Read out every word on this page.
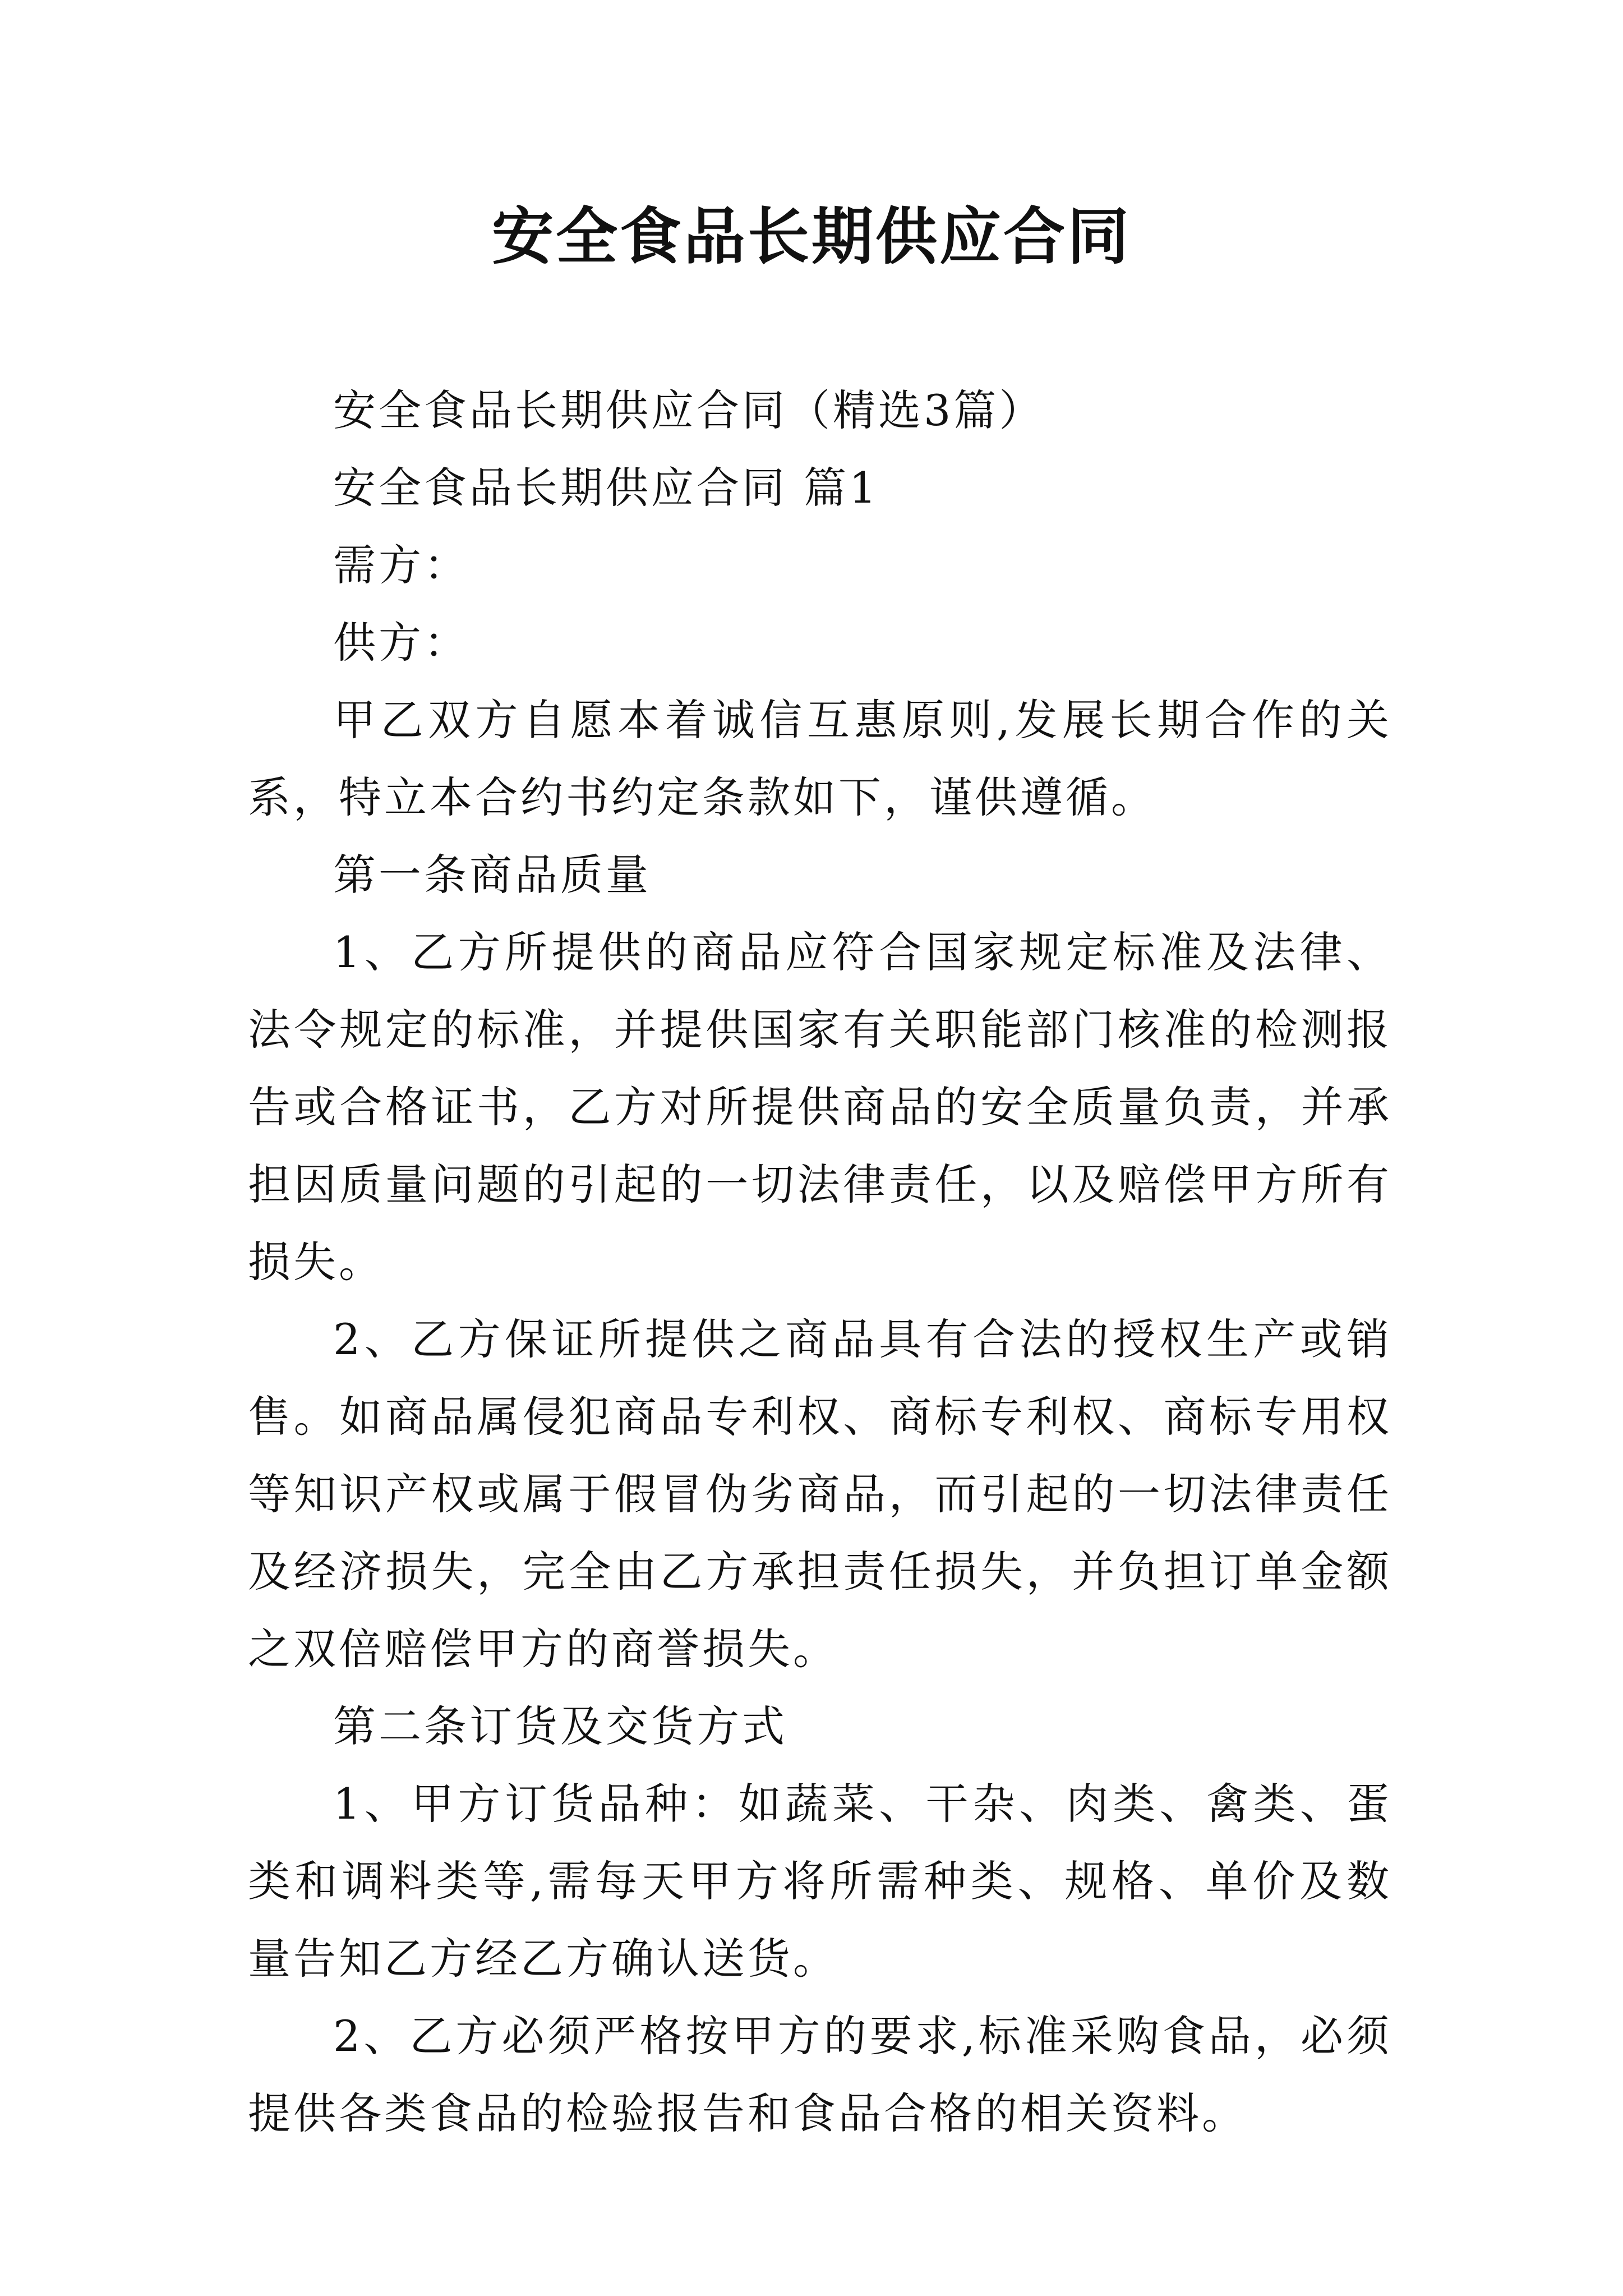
安全食品长期供应合同

安全食品长期供应合同（精选3篇）

安全食品长期供应合同 篇1

需方：

供方：

甲乙双方自愿本着诚信互惠原则,发展长期合作的关系，特立本合约书约定条款如下，谨供遵循。

第一条商品质量

1、乙方所提供的商品应符合国家规定标准及法律、法令规定的标准，并提供国家有关职能部门核准的检测报告或合格证书，乙方对所提供商品的安全质量负责，并承担因质量问题的引起的一切法律责任，以及赔偿甲方所有损失。

2、乙方保证所提供之商品具有合法的授权生产或销售。如商品属侵犯商品专利权、商标专利权、商标专用权等知识产权或属于假冒伪劣商品，而引起的一切法律责任及经济损失，完全由乙方承担责任损失，并负担订单金额之双倍赔偿甲方的商誉损失。

第二条订货及交货方式

1、甲方订货品种：如蔬菜、干杂、肉类、禽类、蛋类和调料类等,需每天甲方将所需种类、规格、单价及数量告知乙方经乙方确认送货。

2、乙方必须严格按甲方的要求,标准采购食品，必须提供各类食品的检验报告和食品合格的相关资料。
